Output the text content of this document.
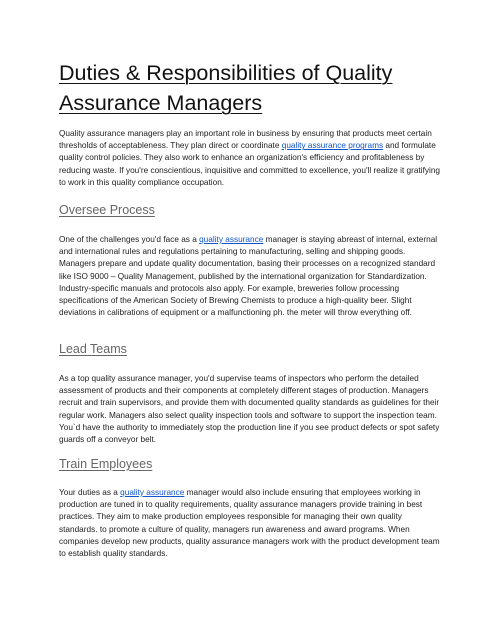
Duties & Responsibilities of Quality Assurance Managers

Quality assurance managers play an important role in business by ensuring that products meet certain thresholds of acceptableness. They plan direct or coordinate quality assurance programs and formulate quality control policies. They also work to enhance an organization's efficiency and profitableness by reducing waste. If you're conscientious, inquisitive and committed to excellence, you'll realize it gratifying to work in this quality compliance occupation.

Oversee Process

One of the challenges you'd face as a quality assurance manager is staying abreast of internal, external and international rules and regulations pertaining to manufacturing, selling and shipping goods. Managers prepare and update quality documentation, basing their processes on a recognized standard like ISO 9000 – Quality Management, published by the international organization for Standardization. Industry-specific manuals and protocols also apply. For example, breweries follow processing specifications of the American Society of Brewing Chemists to produce a high-quality beer. Slight deviations in calibrations of equipment or a malfunctioning ph. the meter will throw everything off.

Lead Teams

As a top quality assurance manager, you'd supervise teams of inspectors who perform the detailed assessment of products and their components at completely different stages of production. Managers recruit and train supervisors, and provide them with documented quality standards as guidelines for their regular work. Managers also select quality inspection tools and software to support the inspection team. You`d have the authority to immediately stop the production line if you see product defects or spot safety guards off a conveyor belt.

Train Employees

Your duties as a quality assurance manager would also include ensuring that employees working in production are tuned in to quality requirements, quality assurance managers provide training in best practices. They aim to make production employees responsible for managing their own quality standards. to promote a culture of quality, managers run awareness and award programs. When companies develop new products, quality assurance managers work with the product development team to establish quality standards.
